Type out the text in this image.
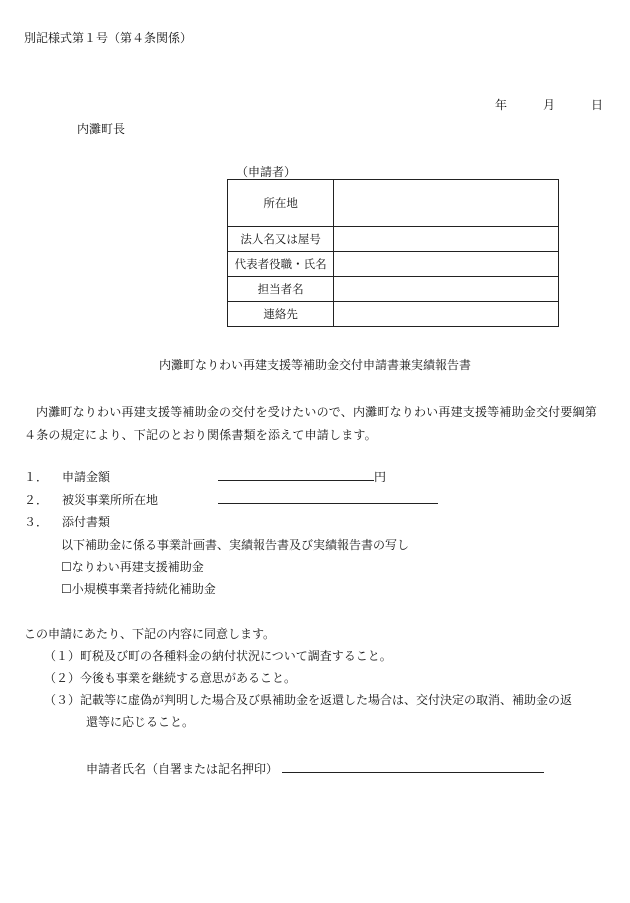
別記様式第１号（第４条関係）
年	月	日
内灘町長
（申請者）
所在地	
法人名又は屋号	
代表者役職・氏名	
担当者名	
連絡先	
内灘町なりわい再建支援等補助金交付申請書兼実績報告書
内灘町なりわい再建支援等補助金の交付を受けたいので、内灘町なりわい再建支援等補助金交付要綱第４条の規定により、下記のとおり関係書類を添えて申請します。
１． 申請金額	円
２． 被災事業所所在地
３． 添付書類
以下補助金に係る事業計画書、実績報告書及び実績報告書の写し
☐なりわい再建支援補助金
☐小規模事業者持続化補助金
この申請にあたり、下記の内容に同意します。
（１）町税及び町の各種料金の納付状況について調査すること。
（２）今後も事業を継続する意思があること。
（３）記載等に虚偽が判明した場合及び県補助金を返還した場合は、交付決定の取消、補助金の返
還等に応じること。
申請者氏名（自署または記名押印）
